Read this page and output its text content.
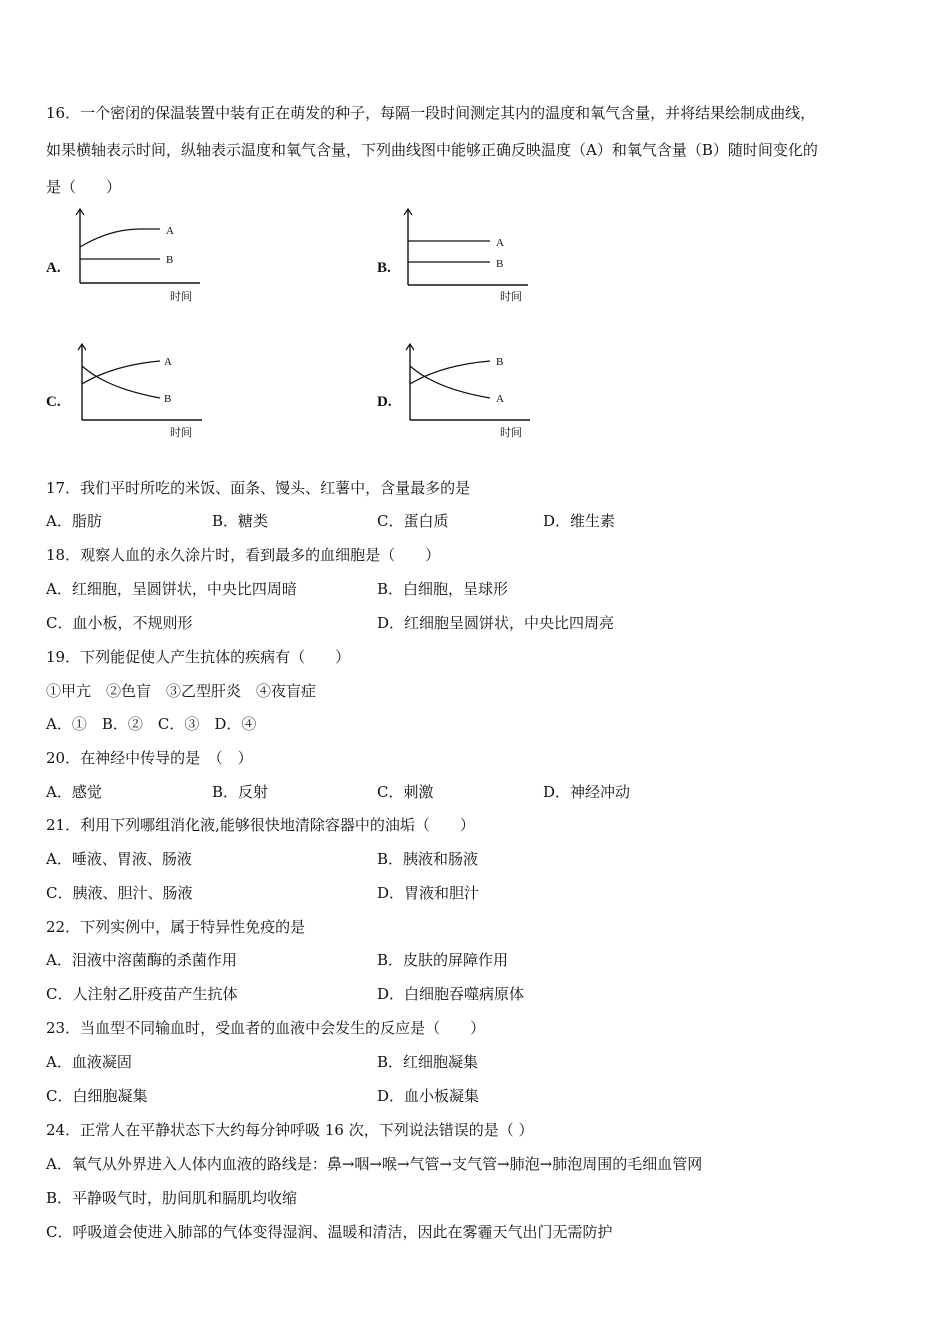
16．一个密闭的保温装置中装有正在萌发的种子，每隔一段时间测定其内的温度和氧气含量，并将结果绘制成曲线，
如果横轴表示时间，纵轴表示温度和氧气含量，下列曲线图中能够正确反映温度（A）和氧气含量（B）随时间变化的
是（　　）
A.
A
B
时间
B.
A
B
时间
C.
A
B
时间
D.
B
A
时间
17．我们平时所吃的米饭、面条、馒头、红薯中，含量最多的是
A．脂肪	B．糖类	C．蛋白质	D．维生素
18．观察人血的永久涂片时，看到最多的血细胞是（　　）
A．红细胞，呈圆饼状，中央比四周暗	B．白细胞，呈球形
C．血小板，不规则形	D．红细胞呈圆饼状，中央比四周亮
19．下列能促使人产生抗体的疾病有（　　）
①甲亢　②色盲　③乙型肝炎　④夜盲症
A．①　B．②　C．③　D．④
20．在神经中传导的是　（　）
A．感觉	B．反射	C．刺激	D．神经冲动
21．利用下列哪组消化液,能够很快地清除容器中的油垢（　　）
A．唾液、胃液、肠液	B．胰液和肠液
C．胰液、胆汁、肠液	D．胃液和胆汁
22．下列实例中，属于特异性免疫的是
A．泪液中溶菌酶的杀菌作用	B．皮肤的屏障作用
C．人注射乙肝疫苗产生抗体	D．白细胞吞噬病原体
23．当血型不同输血时，受血者的血液中会发生的反应是（　　）
A．血液凝固	B．红细胞凝集
C．白细胞凝集	D．血小板凝集
24．正常人在平静状态下大约每分钟呼吸 16 次，下列说法错误的是（ ）
A．氧气从外界进入人体内血液的路线是：鼻→咽→喉→气管→支气管→肺泡→肺泡周围的毛细血管网
B．平静吸气时，肋间肌和膈肌均收缩
C．呼吸道会使进入肺部的气体变得湿润、温暖和清洁，因此在雾霾天气出门无需防护
